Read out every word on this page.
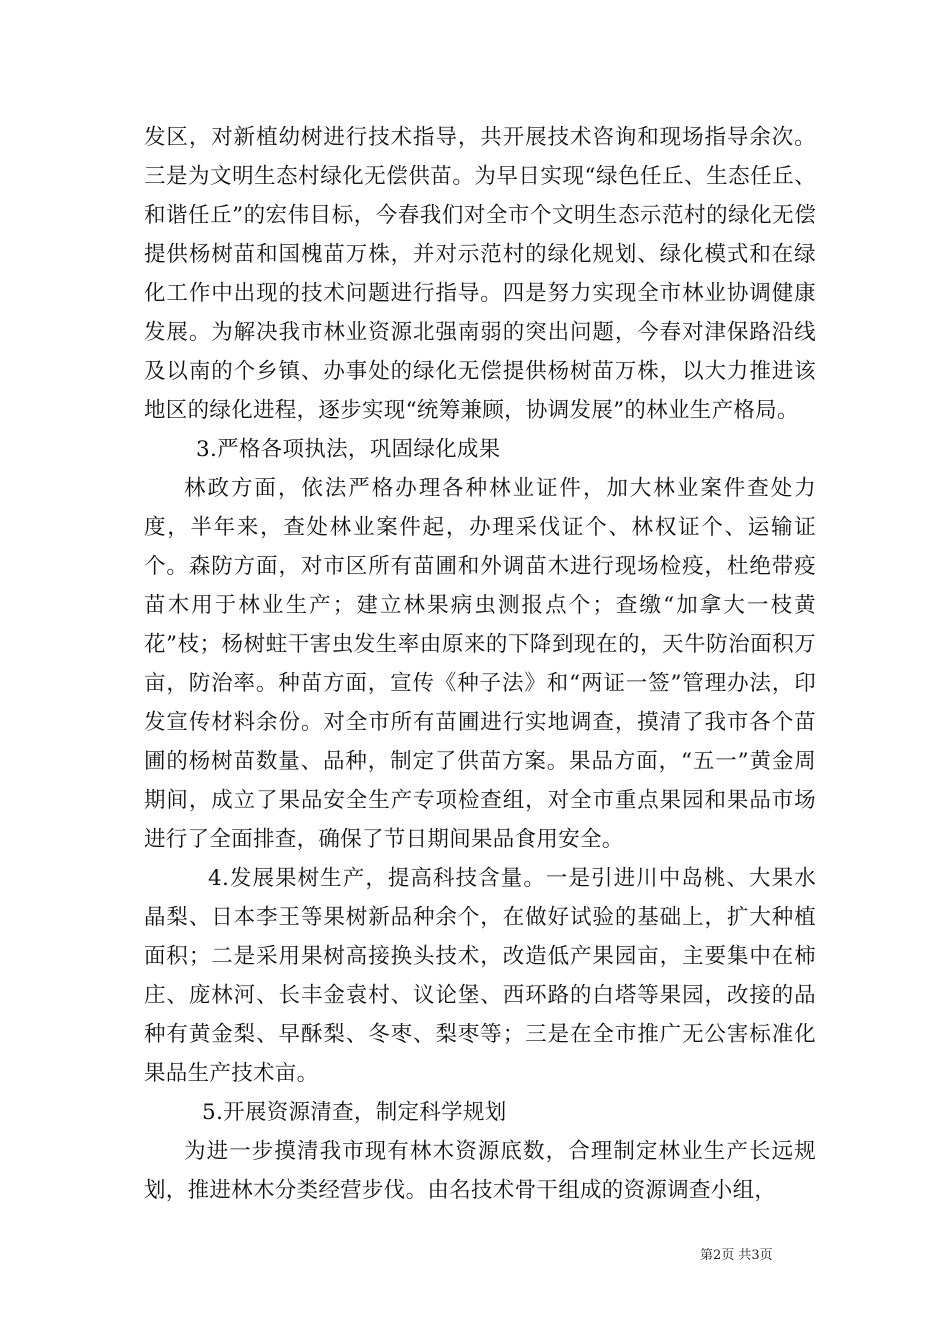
发区，对新植幼树进行技术指导，共开展技术咨询和现场指导余次。三是为文明生态村绿化无偿供苗。为早日实现“绿色任丘、生态任丘、和谐任丘”的宏伟目标，今春我们对全市个文明生态示范村的绿化无偿提供杨树苗和国槐苗万株，并对示范村的绿化规划、绿化模式和在绿化工作中出现的技术问题进行指导。四是努力实现全市林业协调健康发展。为解决我市林业资源北强南弱的突出问题，今春对津保路沿线及以南的个乡镇、办事处的绿化无偿提供杨树苗万株，以大力推进该地区的绿化进程，逐步实现“统筹兼顾，协调发展”的林业生产格局。

3.严格各项执法，巩固绿化成果

林政方面，依法严格办理各种林业证件，加大林业案件查处力度，半年来，查处林业案件起，办理采伐证个、林权证个、运输证个。森防方面，对市区所有苗圃和外调苗木进行现场检疫，杜绝带疫苗木用于林业生产；建立林果病虫测报点个；查缴“加拿大一枝黄花”枝；杨树蛀干害虫发生率由原来的下降到现在的，天牛防治面积万亩，防治率。种苗方面，宣传《种子法》和“两证一签”管理办法，印发宣传材料余份。对全市所有苗圃进行实地调查，摸清了我市各个苗圃的杨树苗数量、品种，制定了供苗方案。果品方面，“五一”黄金周期间，成立了果品安全生产专项检查组，对全市重点果园和果品市场进行了全面排查，确保了节日期间果品食用安全。

4.发展果树生产，提高科技含量。一是引进川中岛桃、大果水晶梨、日本李王等果树新品种余个，在做好试验的基础上，扩大种植面积；二是采用果树高接换头技术，改造低产果园亩，主要集中在柿庄、庞林河、长丰金袁村、议论堡、西环路的白塔等果园，改接的品种有黄金梨、早酥梨、冬枣、梨枣等；三是在全市推广无公害标准化果品生产技术亩。

5.开展资源清查，制定科学规划

为进一步摸清我市现有林木资源底数，合理制定林业生产长远规划，推进林木分类经营步伐。由名技术骨干组成的资源调查小组，

第2页 共3页
